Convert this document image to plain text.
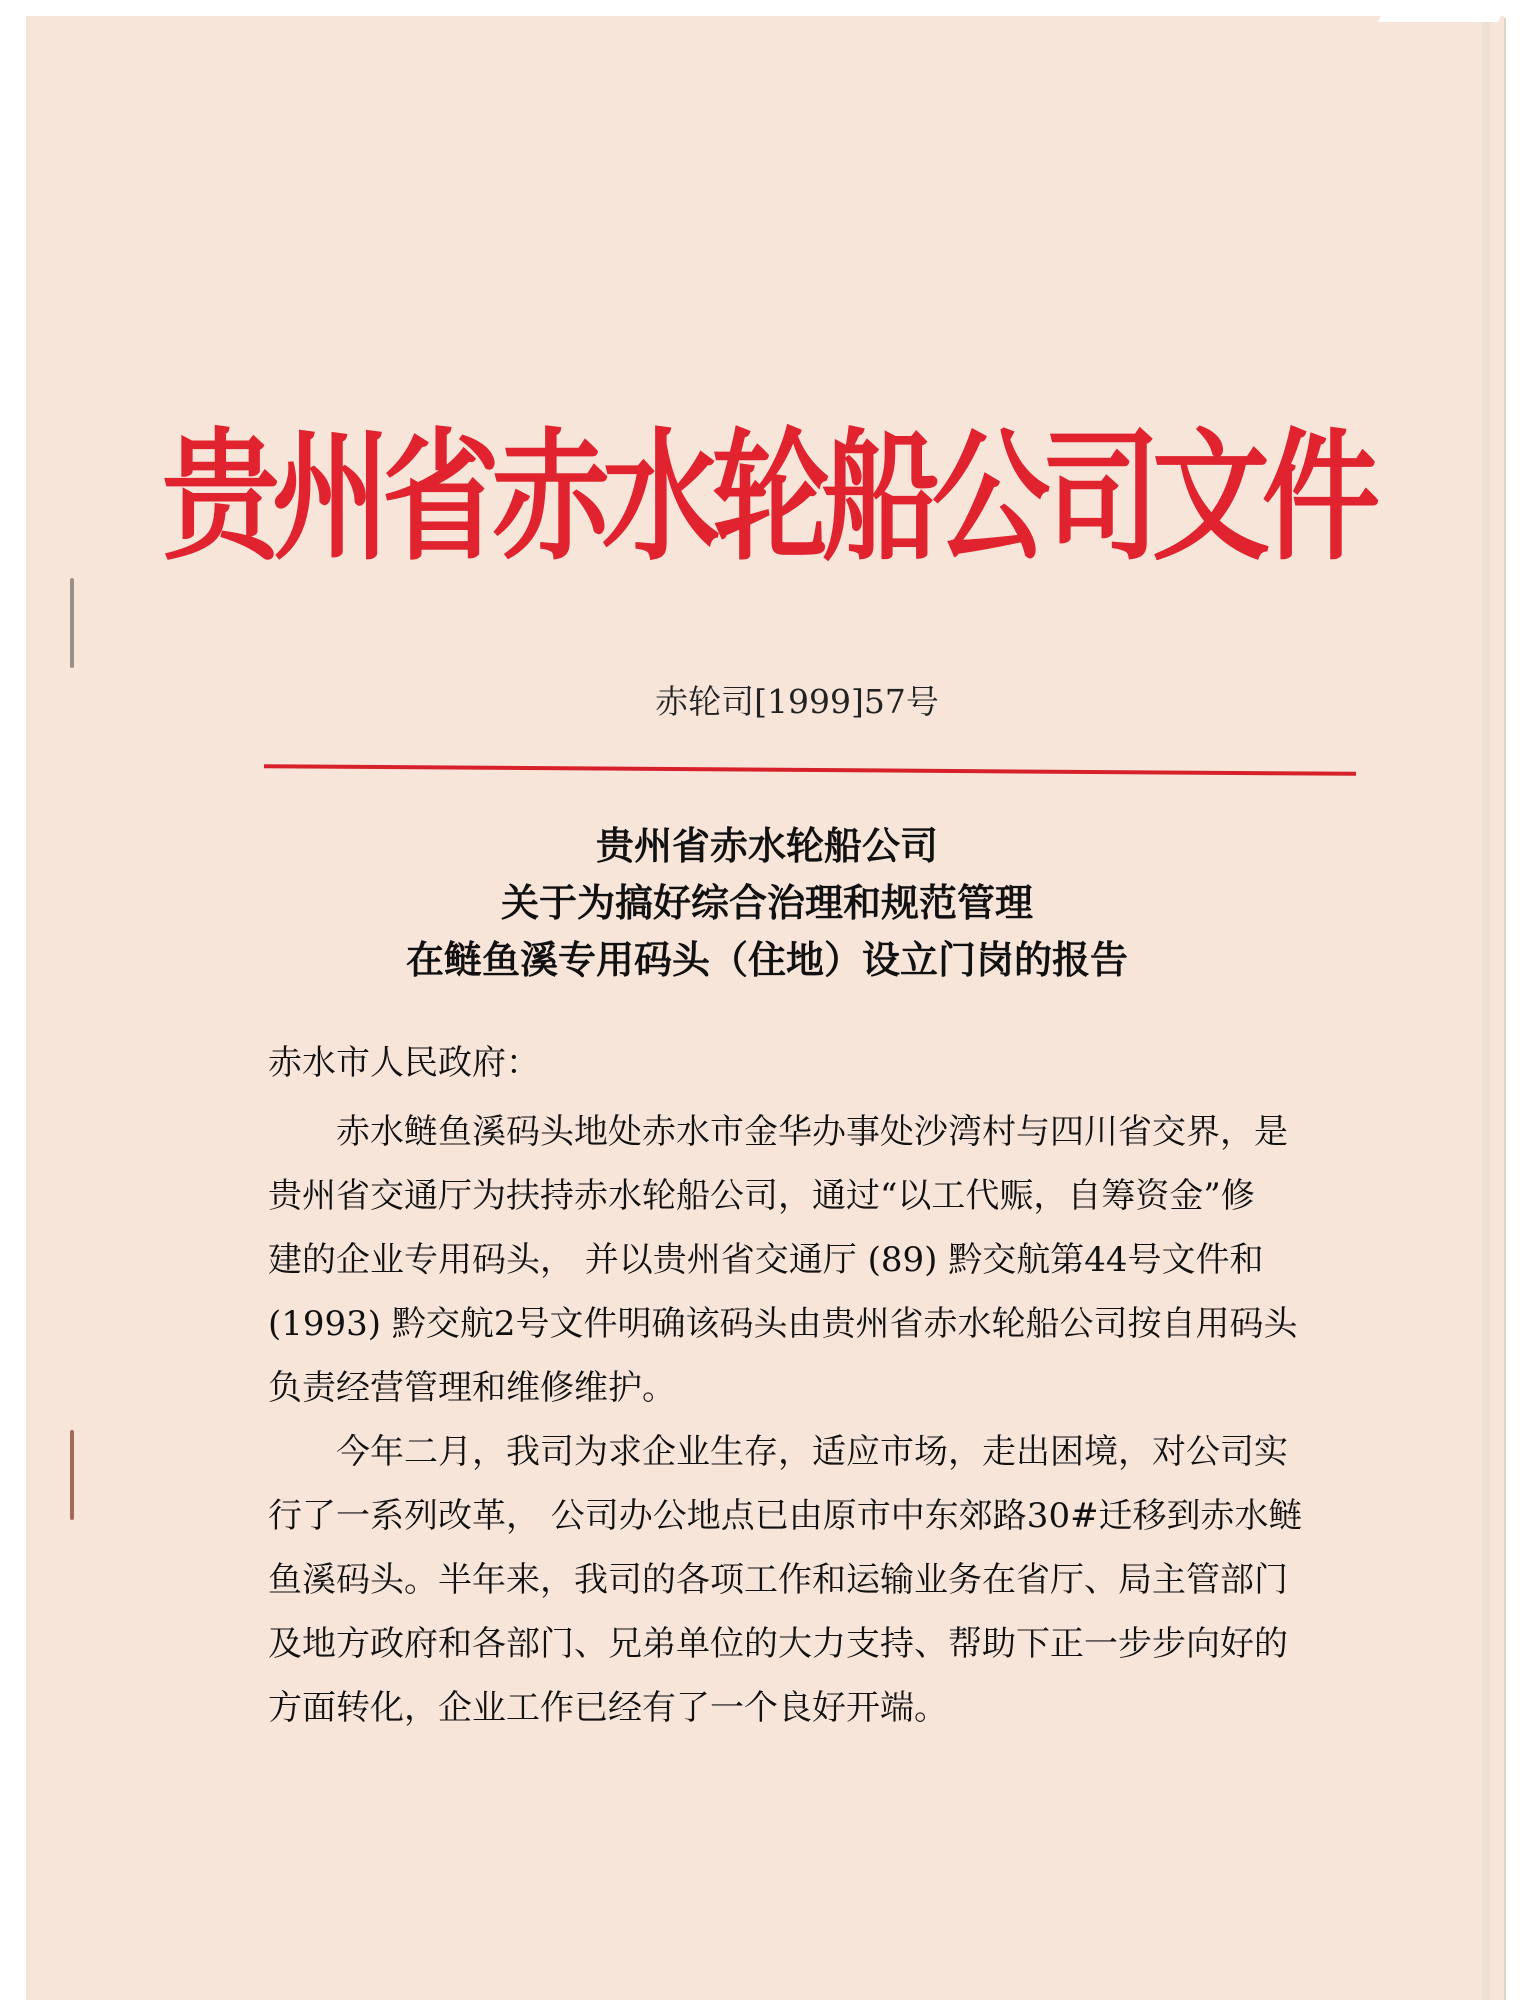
贵州省赤水轮船公司文件
赤轮司[1999]57号
贵州省赤水轮船公司
关于为搞好综合治理和规范管理
在鲢鱼溪专用码头（住地）设立门岗的报告
赤水市人民政府：
赤水鲢鱼溪码头地处赤水市金华办事处沙湾村与四川省交界，是
贵州省交通厅为扶持赤水轮船公司，通过“以工代赈，自筹资金”修
建的企业专用码头， 并以贵州省交通厅 (89) 黔交航第44号文件和
(1993) 黔交航2号文件明确该码头由贵州省赤水轮船公司按自用码头
负责经营管理和维修维护。
今年二月，我司为求企业生存，适应市场，走出困境，对公司实
行了一系列改革， 公司办公地点已由原市中东郊路30#迁移到赤水鲢
鱼溪码头。半年来，我司的各项工作和运输业务在省厅、局主管部门
及地方政府和各部门、兄弟单位的大力支持、帮助下正一步步向好的
方面转化，企业工作已经有了一个良好开端。
